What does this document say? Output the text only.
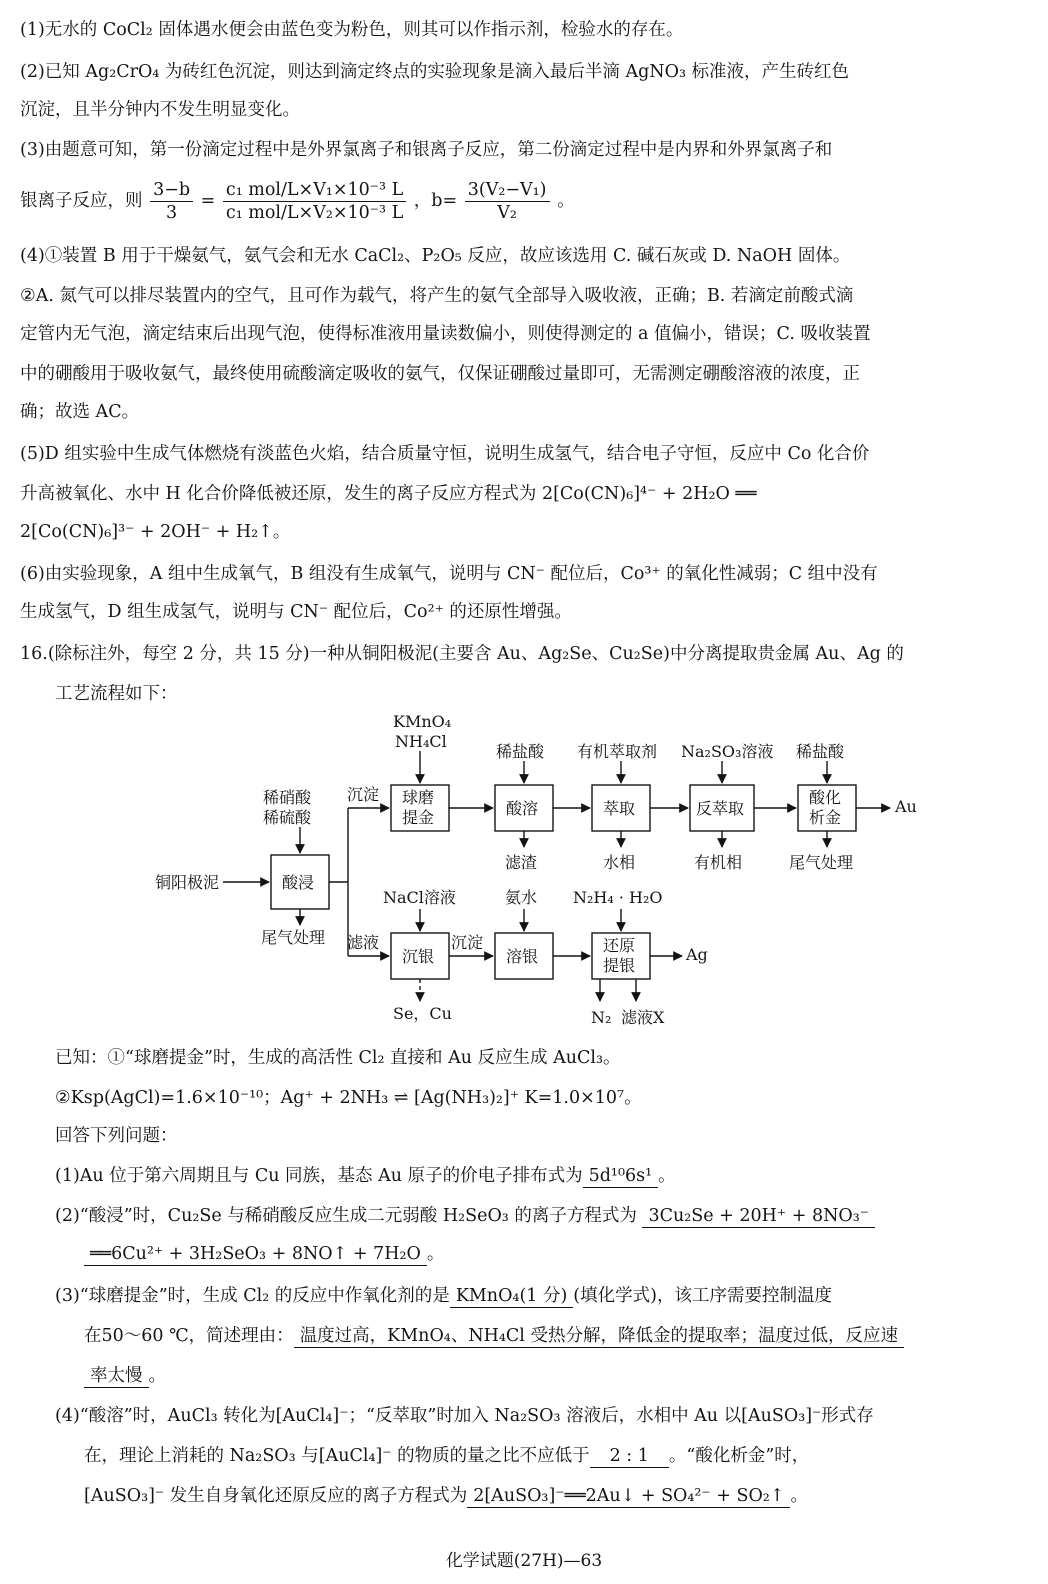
(1)无水的 CoCl₂ 固体遇水便会由蓝色变为粉色，则其可以作指示剂，检验水的存在。
(2)已知 Ag₂CrO₄ 为砖红色沉淀，则达到滴定终点的实验现象是滴入最后半滴 AgNO₃ 标准液，产生砖红色
沉淀，且半分钟内不发生明显变化。
(3)由题意可知，第一份滴定过程中是外界氯离子和银离子反应，第二份滴定过程中是内界和外界氯离子和
银离子反应，则 $\frac{3-b}{3} = \frac{\text{c₁ mol/L×V₁×10⁻³ L}}{\text{c₁ mol/L×V₂×10⁻³ L}}$ ，$b= \frac{\text{3(V₂−V₁)}}{\text{V₂}}$ 。
(4)①装置 B 用于干燥氨气，氨气会和无水 CaCl₂、P₂O₅ 反应，故应该选用 C. 碱石灰或 D. NaOH 固体。
②A. 氮气可以排尽装置内的空气，且可作为载气，将产生的氨气全部导入吸收液，正确；B. 若滴定前酸式滴
定管内无气泡，滴定结束后出现气泡，使得标准液用量读数偏小，则使得测定的 a 值偏小，错误；C. 吸收装置
中的硼酸用于吸收氨气，最终使用硫酸滴定吸收的氨气，仅保证硼酸过量即可，无需测定硼酸溶液的浓度，正
确；故选 AC。
(5)D 组实验中生成气体燃烧有淡蓝色火焰，结合质量守恒，说明生成氢气，结合电子守恒，反应中 Co 化合价
升高被氧化、水中 H 化合价降低被还原，发生的离子反应方程式为 2[Co(CN)₆]⁴⁻ + 2H₂O ══
2[Co(CN)₆]³⁻ + 2OH⁻ + H₂↑。
(6)由实验现象，A 组中生成氧气，B 组没有生成氧气，说明与 CN⁻ 配位后，Co³⁺ 的氧化性减弱；C 组中没有
生成氢气，D 组生成氢气，说明与 CN⁻ 配位后，Co²⁺ 的还原性增强。
16.(除标注外，每空 2 分，共 15 分)一种从铜阳极泥(主要含 Au、Ag₂Se、Cu₂Se)中分离提取贵金属 Au、Ag 的
工艺流程如下：
铜阳极泥
稀硝酸
稀硫酸
酸浸
尾气处理
沉淀
滤液
KMnO₄
NH₄Cl
球磨
提金
稀盐酸
酸溶
滤渣
有机萃取剂
萃取
水相
Na₂SO₃溶液
反萃取
有机相
稀盐酸
酸化
析金
尾气处理
Au
NaCl溶液
沉银
Se，Cu
沉淀
氨水
溶银
N₂H₄ · H₂O
还原
提银
Ag
N₂ 滤液X
已知：①“球磨提金”时，生成的高活性 Cl₂ 直接和 Au 反应生成 AuCl₃。
②Ksp(AgCl)=1.6×10⁻¹⁰；Ag⁺ + 2NH₃ ⇌ [Ag(NH₃)₂]⁺ K=1.0×10⁷。
回答下列问题：
(1)Au 位于第六周期且与 Cu 同族，基态 Au 原子的价电子排布式为 5d¹⁰6s¹ 。
(2)“酸浸”时，Cu₂Se 与稀硝酸反应生成二元弱酸 H₂SeO₃ 的离子方程式为 3Cu₂Se + 20H⁺ + 8NO₃⁻
══6Cu²⁺ + 3H₂SeO₃ + 8NO↑ + 7H₂O 。
(3)“球磨提金”时，生成 Cl₂ 的反应中作氧化剂的是 KMnO₄(1 分) (填化学式)，该工序需要控制温度
在50～60 ℃，简述理由： 温度过高，KMnO₄、NH₄Cl 受热分解，降低金的提取率；温度过低，反应速
率太慢 。
(4)“酸溶”时，AuCl₃ 转化为[AuCl₄]⁻；“反萃取”时加入 Na₂SO₃ 溶液后，水相中 Au 以[AuSO₃]⁻形式存
在，理论上消耗的 Na₂SO₃ 与[AuCl₄]⁻ 的物质的量之比不应低于 2 : 1 。“酸化析金”时，
[AuSO₃]⁻ 发生自身氧化还原反应的离子方程式为 2[AuSO₃]⁻══2Au↓ + SO₄²⁻ + SO₂↑ 。
化学试题(27H)—63
